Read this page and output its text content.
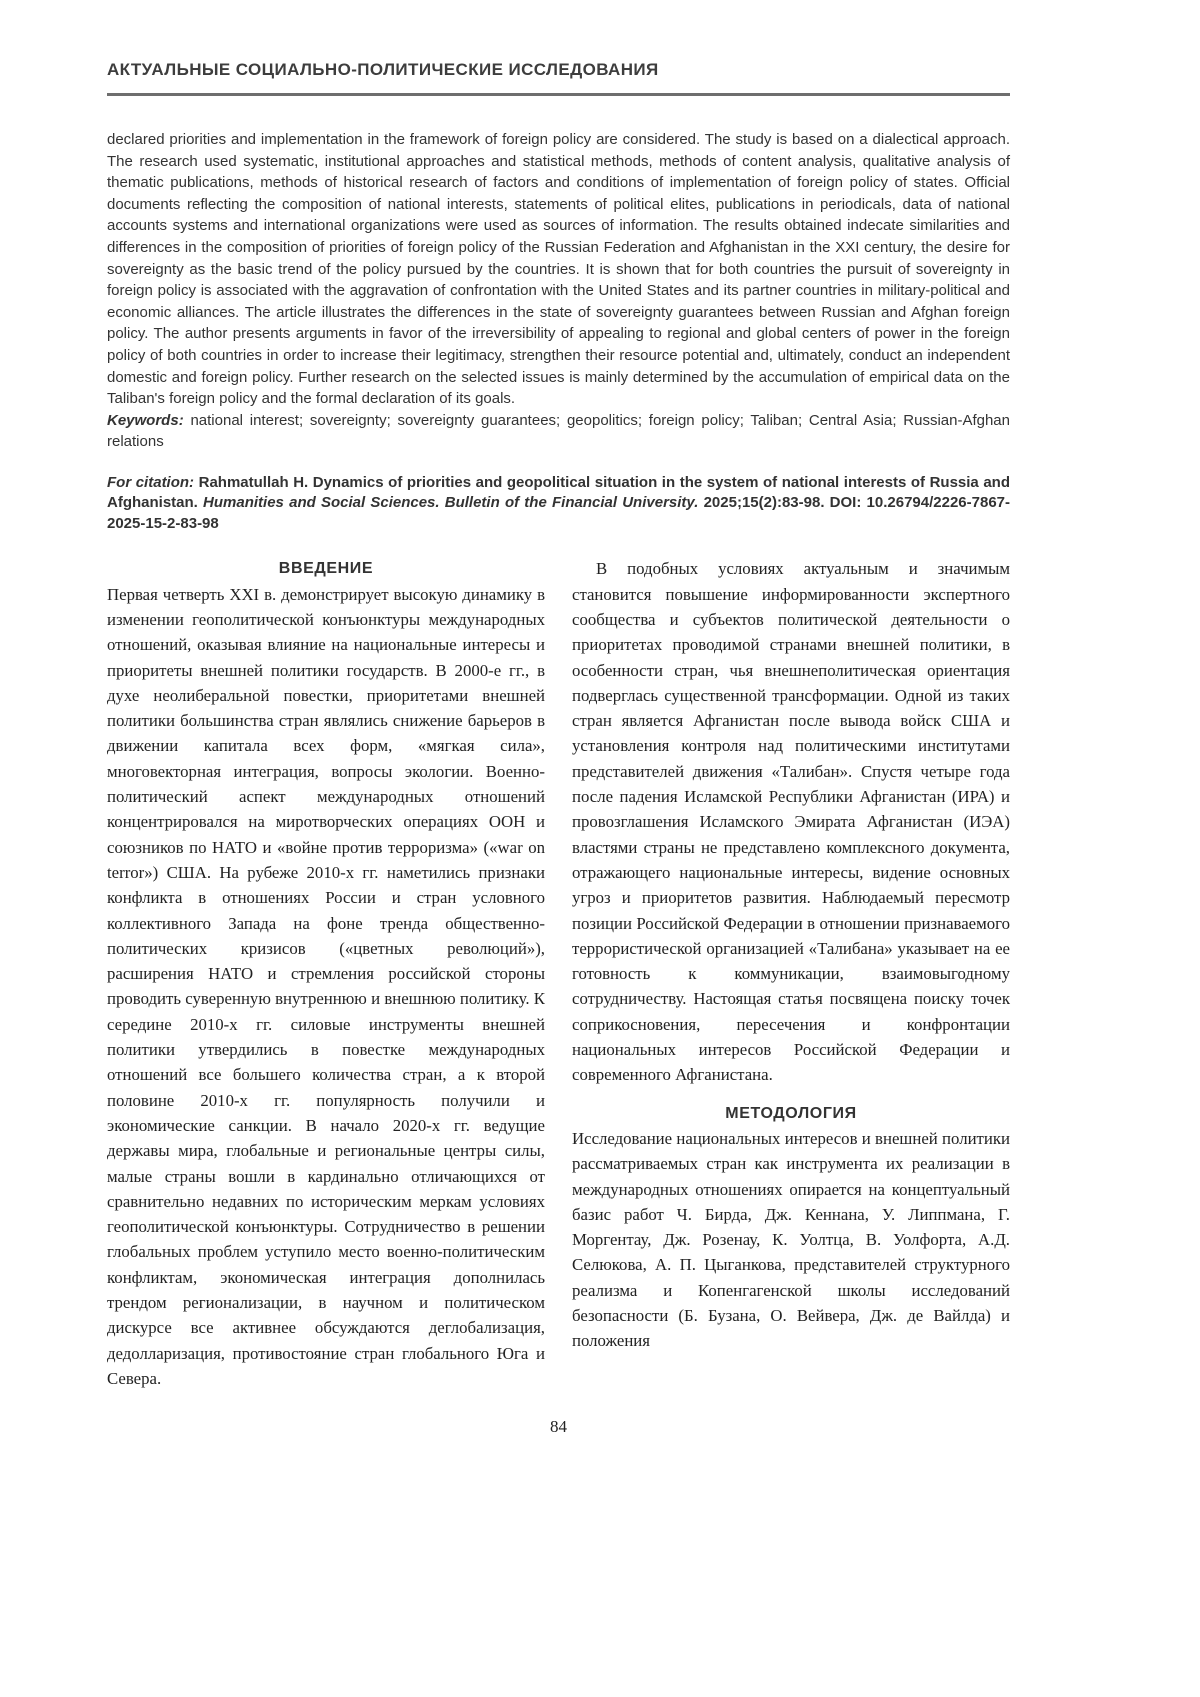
АКТУАЛЬНЫЕ СОЦИАЛЬНО-ПОЛИТИЧЕСКИЕ ИССЛЕДОВАНИЯ

declared priorities and implementation in the framework of foreign policy are considered. The study is based on a dialectical approach. The research used systematic, institutional approaches and statistical methods, methods of content analysis, qualitative analysis of thematic publications, methods of historical research of factors and conditions of implementation of foreign policy of states. Official documents reflecting the composition of national interests, statements of political elites, publications in periodicals, data of national accounts systems and international organizations were used as sources of information. The results obtained indecate similarities and differences in the composition of priorities of foreign policy of the Russian Federation and Afghanistan in the XXI century, the desire for sovereignty as the basic trend of the policy pursued by the countries. It is shown that for both countries the pursuit of sovereignty in foreign policy is associated with the aggravation of confrontation with the United States and its partner countries in military-political and economic alliances. The article illustrates the differences in the state of sovereignty guarantees between Russian and Afghan foreign policy. The author presents arguments in favor of the irreversibility of appealing to regional and global centers of power in the foreign policy of both countries in order to increase their legitimacy, strengthen their resource potential and, ultimately, conduct an independent domestic and foreign policy. Further research on the selected issues is mainly determined by the accumulation of empirical data on the Taliban's foreign policy and the formal declaration of its goals.

Keywords: national interest; sovereignty; sovereignty guarantees; geopolitics; foreign policy; Taliban; Central Asia; Russian-Afghan relations

For citation: Rahmatullah H. Dynamics of priorities and geopolitical situation in the system of national interests of Russia and Afghanistan. Humanities and Social Sciences. Bulletin of the Financial University. 2025;15(2):83-98. DOI: 10.26794/2226-7867-2025-15-2-83-98

ВВЕДЕНИЕ

Первая четверть XXI в. демонстрирует высокую динамику в изменении геополитической конъюнктуры международных отношений, оказывая влияние на национальные интересы и приоритеты внешней политики государств. В 2000-е гг., в духе неолиберальной повестки, приоритетами внешней политики большинства стран являлись снижение барьеров в движении капитала всех форм, «мягкая сила», многовекторная интеграция, вопросы экологии. Военно-политический аспект международных отношений концентрировался на миротворческих операциях ООН и союзников по НАТО и «войне против терроризма» («war on terror») США. На рубеже 2010-х гг. наметились признаки конфликта в отношениях России и стран условного коллективного Запада на фоне тренда общественно-политических кризисов («цветных революций»), расширения НАТО и стремления российской стороны проводить суверенную внутреннюю и внешнюю политику. К середине 2010-х гг. силовые инструменты внешней политики утвердились в повестке международных отношений все большего количества стран, а к второй половине 2010-х гг. популярность получили и экономические санкции. В начало 2020-х гг. ведущие державы мира, глобальные и региональные центры силы, малые страны вошли в кардинально отличающихся от сравнительно недавних по историческим меркам условиях геополитической конъюнктуры. Сотрудничество в решении глобальных проблем уступило место военно-политическим конфликтам, экономическая интеграция дополнилась трендом регионализации, в научном и политическом дискурсе все активнее обсуждаются деглобализация, дедолларизация, противостояние стран глобального Юга и Севера.

В подобных условиях актуальным и значимым становится повышение информированности экспертного сообщества и субъектов политической деятельности о приоритетах проводимой странами внешней политики, в особенности стран, чья внешнеполитическая ориентация подверглась существенной трансформации. Одной из таких стран является Афганистан после вывода войск США и установления контроля над политическими институтами представителей движения «Талибан». Спустя четыре года после падения Исламской Республики Афганистан (ИРА) и провозглашения Исламского Эмирата Афганистан (ИЭА) властями страны не представлено комплексного документа, отражающего национальные интересы, видение основных угроз и приоритетов развития. Наблюдаемый пересмотр позиции Российской Федерации в отношении признаваемого террористической организацией «Талибана» указывает на ее готовность к коммуникации, взаимовыгодному сотрудничеству. Настоящая статья посвящена поиску точек соприкосновения, пересечения и конфронтации национальных интересов Российской Федерации и современного Афганистана.

МЕТОДОЛОГИЯ

Исследование национальных интересов и внешней политики рассматриваемых стран как инструмента их реализации в международных отношениях опирается на концептуальный базис работ Ч. Бирда, Дж. Кеннана, У. Липпмана, Г. Моргентау, Дж. Розенау, К. Уолтца, В. Уолфорта, А.Д. Селюкова, А. П. Цыганкова, представителей структурного реализма и Копенгагенской школы исследований безопасности (Б. Бузана, О. Вейвера, Дж. де Вайлда) и положения

84
